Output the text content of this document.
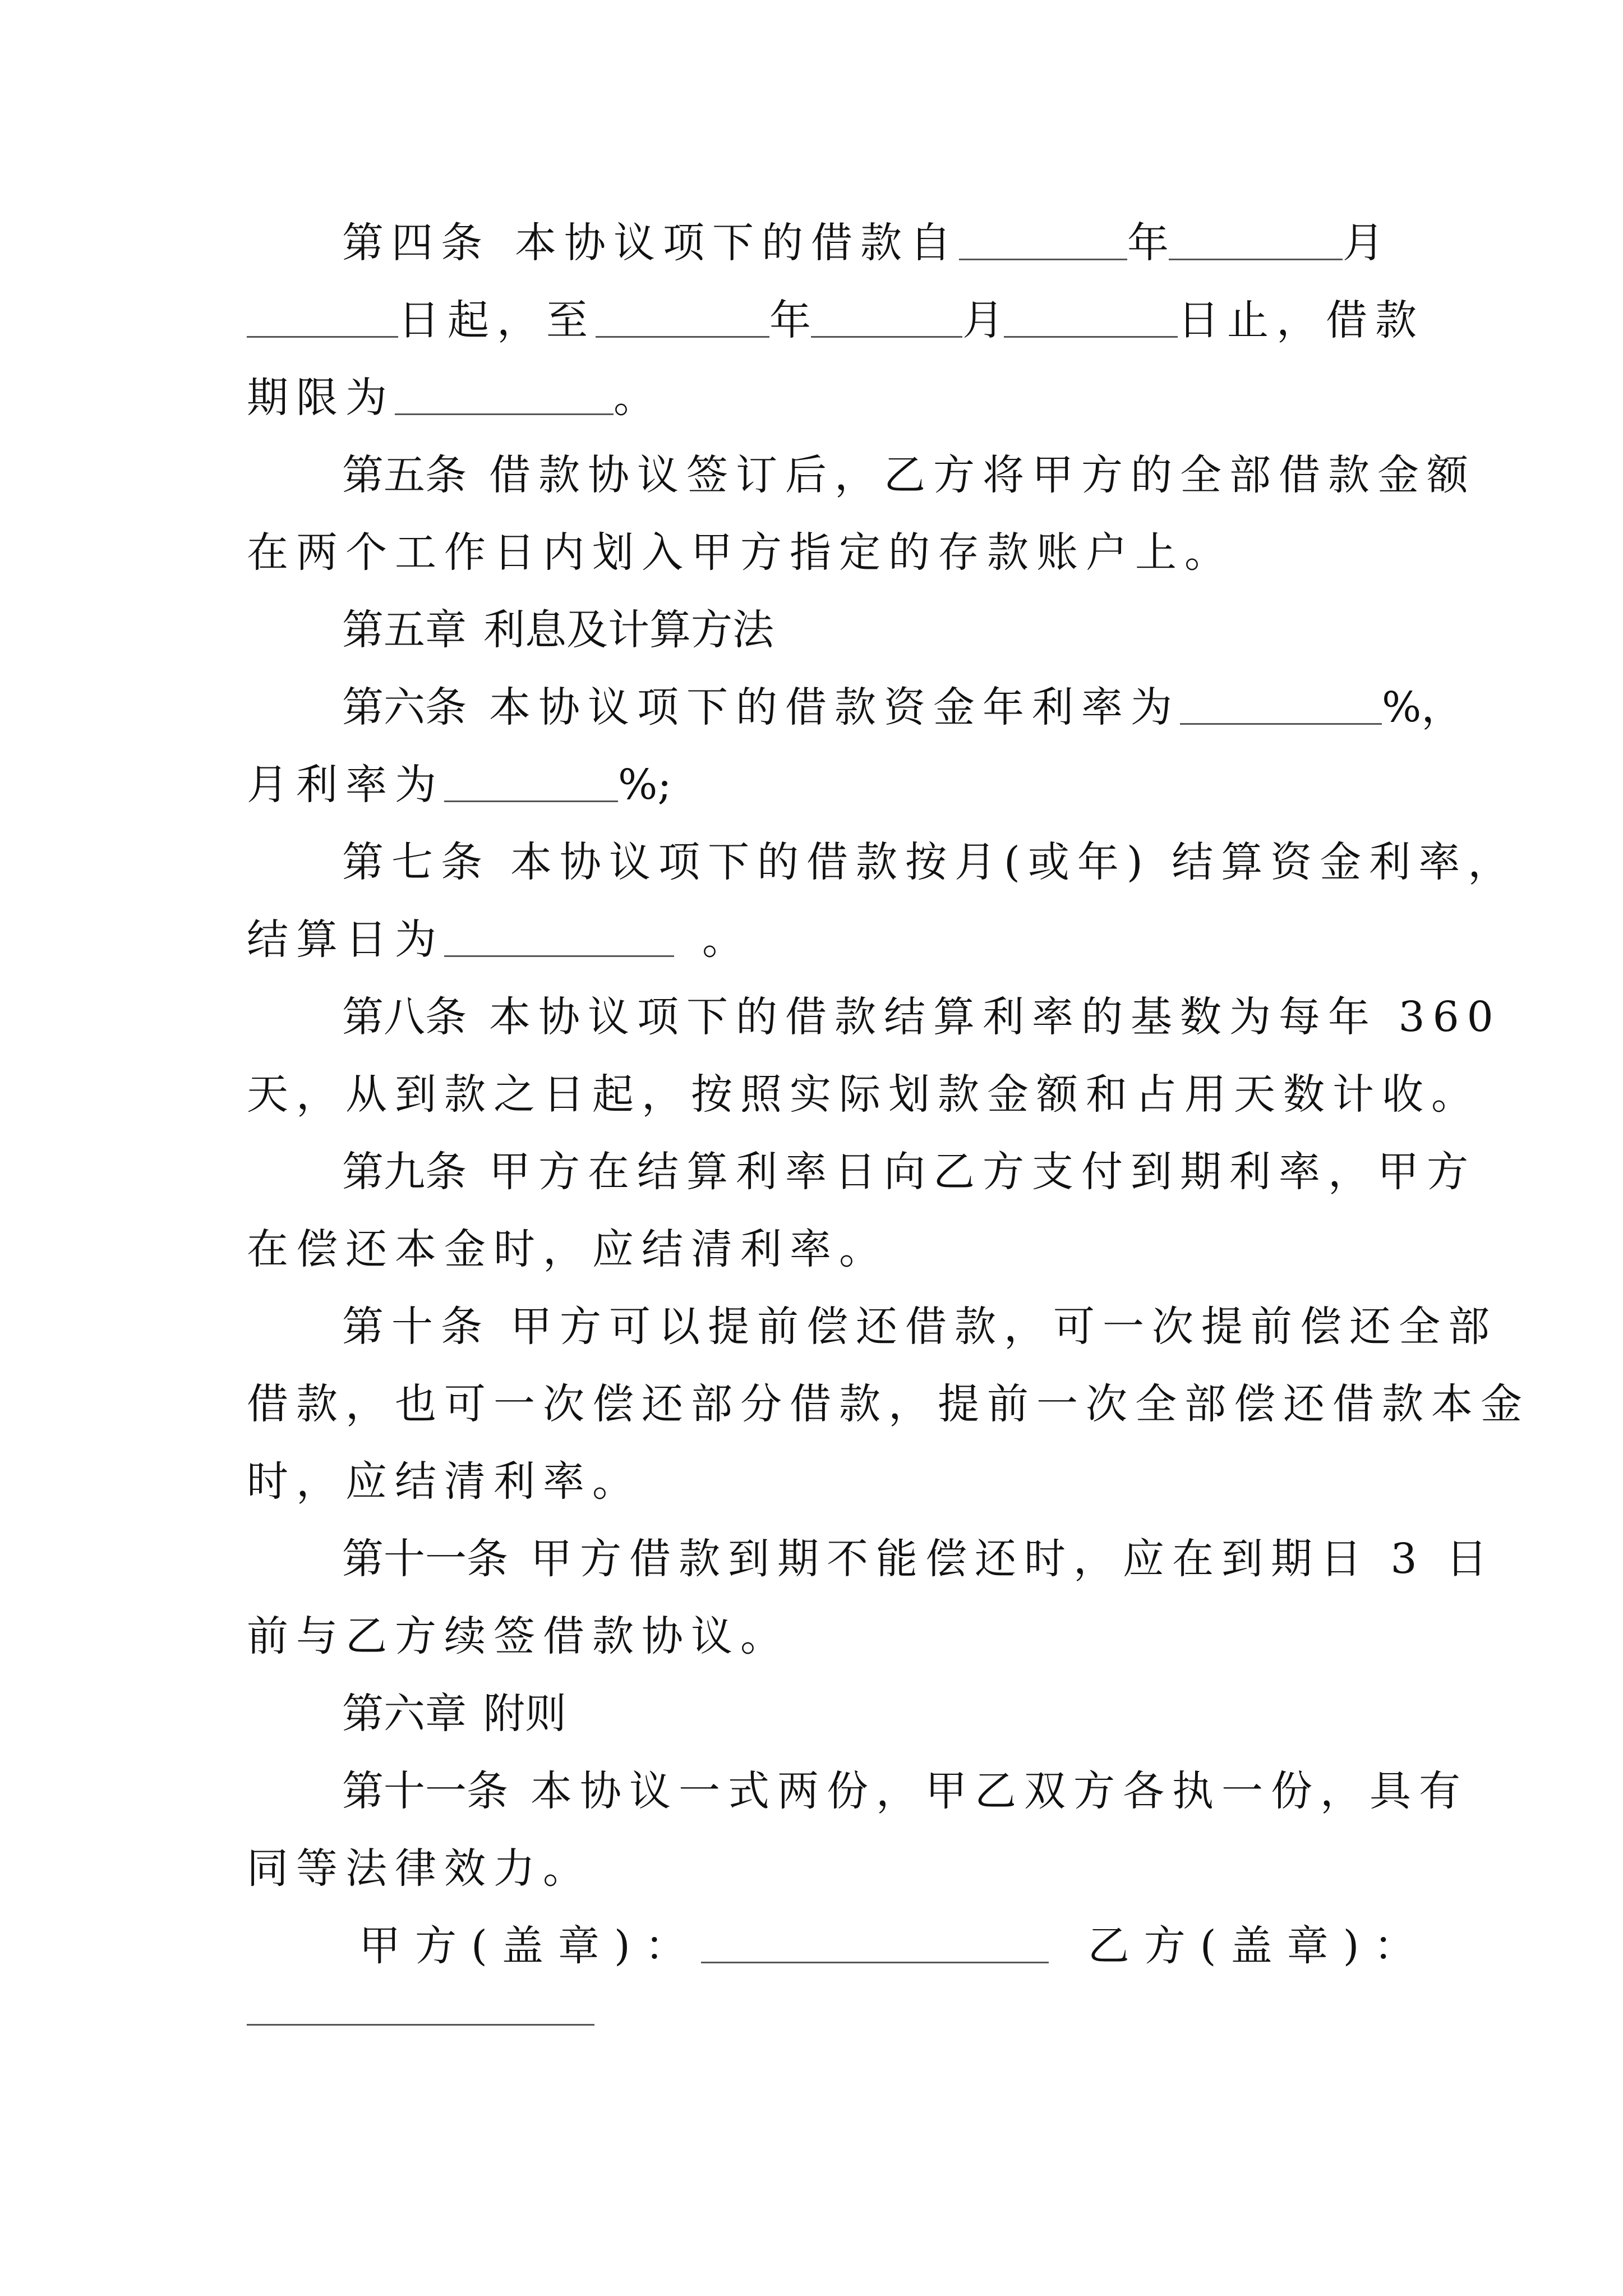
第四条 本协议项下的借款自	年	月
日起，至	年	月	日止，借款
期限为	。
第五条 借款协议签订后，乙方将甲方的全部借款金额
在两个工作日内划入甲方指定的存款账户上。
第五章 利息及计算方法
第六条 本协议项下的借款资金年利率为	%，
月利率为	%;
第七条 本协议项下的借款按月(或年) 结算资金利率，
结算日为	。
第八条 本协议项下的借款结算利率的基数为每年 360
天，从到款之日起，按照实际划款金额和占用天数计收。
第九条 甲方在结算利率日向乙方支付到期利率，甲方
在偿还本金时，应结清利率。
第十条 甲方可以提前偿还借款，可一次提前偿还全部
借款，也可一次偿还部分借款，提前一次全部偿还借款本金
时，应结清利率。
第十一条 甲方借款到期不能偿还时，应在到期日 3 日
前与乙方续签借款协议。
第六章 附则
第十一条 本协议一式两份，甲乙双方各执一份，具有
同等法律效力。
甲方(盖章)：	乙方(盖章)：
